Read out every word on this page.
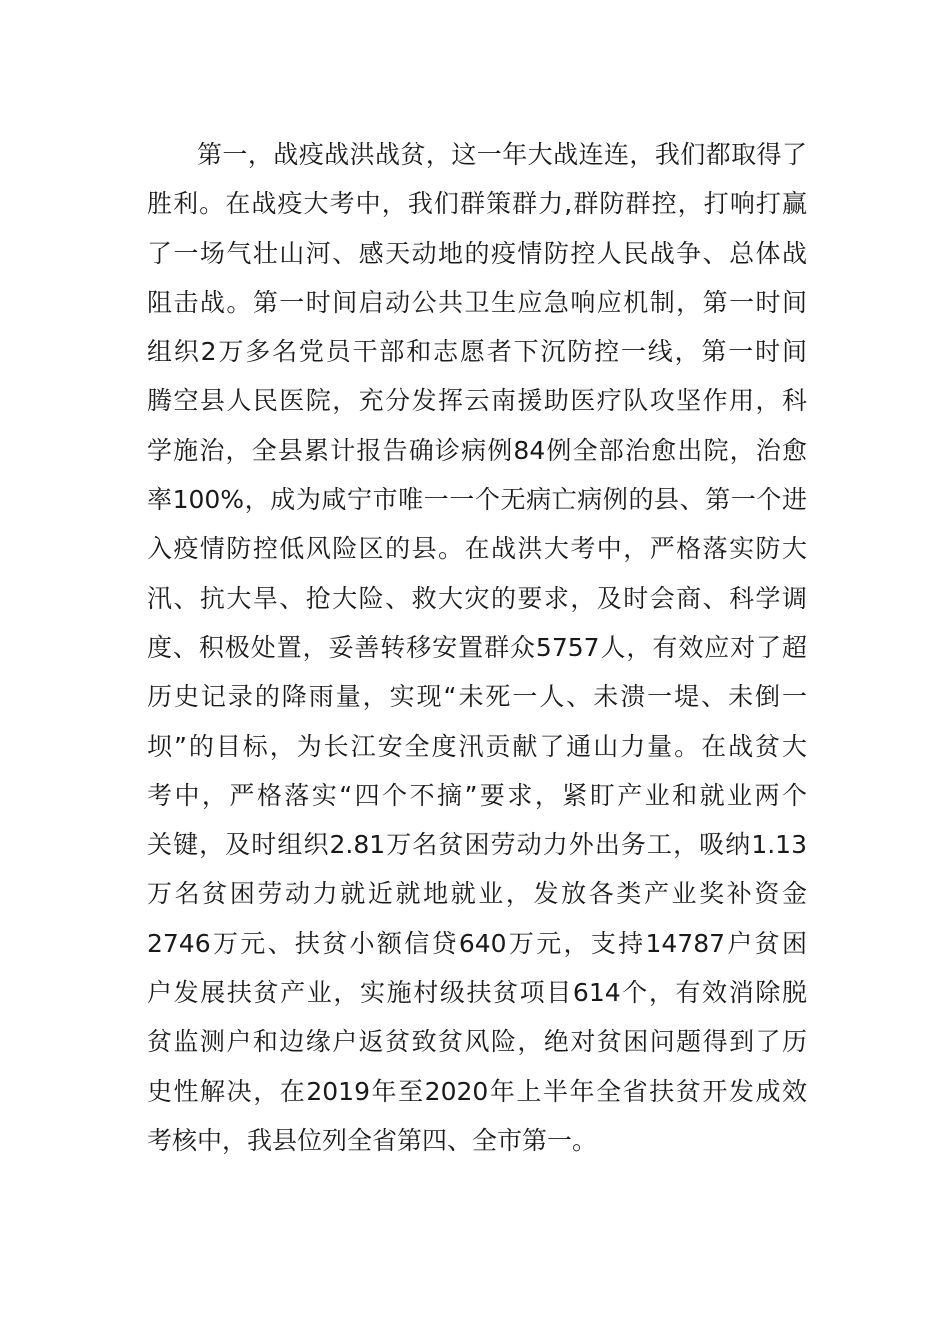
第一，战疫战洪战贫，这一年大战连连，我们都取得了
胜利。在战疫大考中，我们群策群力,群防群控，打响打赢
了一场气壮山河、感天动地的疫情防控人民战争、总体战
阻击战。第一时间启动公共卫生应急响应机制，第一时间
组织2万多名党员干部和志愿者下沉防控一线，第一时间
腾空县人民医院，充分发挥云南援助医疗队攻坚作用，科
学施治，全县累计报告确诊病例84例全部治愈出院，治愈
率100%，成为咸宁市唯一一个无病亡病例的县、第一个进
入疫情防控低风险区的县。在战洪大考中，严格落实防大
汛、抗大旱、抢大险、救大灾的要求，及时会商、科学调
度、积极处置，妥善转移安置群众5757人，有效应对了超
历史记录的降雨量，实现“未死一人、未溃一堤、未倒一
坝”的目标，为长江安全度汛贡献了通山力量。在战贫大
考中，严格落实“四个不摘”要求，紧盯产业和就业两个
关键，及时组织2.81万名贫困劳动力外出务工，吸纳1.13
万名贫困劳动力就近就地就业，发放各类产业奖补资金
2746万元、扶贫小额信贷640万元，支持14787户贫困
户发展扶贫产业，实施村级扶贫项目614个，有效消除脱
贫监测户和边缘户返贫致贫风险，绝对贫困问题得到了历
史性解决，在2019年至2020年上半年全省扶贫开发成效
考核中，我县位列全省第四、全市第一。
